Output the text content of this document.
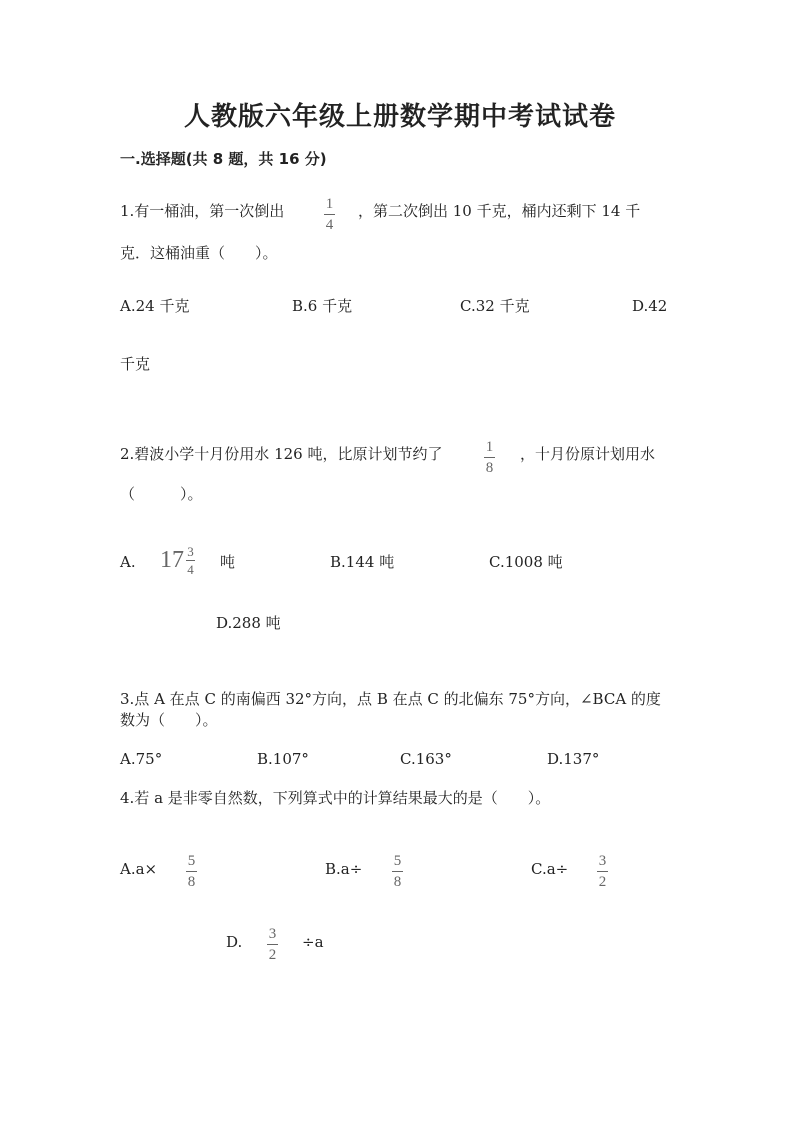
人教版六年级上册数学期中考试试卷
一.选择题(共 8 题，共 16 分)
1.有一桶油，第一次倒出	1
4
，第二次倒出 10 千克，桶内还剩下 14 千
克．这桶油重（　　）。
A.24 千克	B.6 千克	C.32 千克	D.42
千克
2.碧波小学十月份用水 126 吨，比原计划节约了	1
8
，十月份原计划用水
（　　　）。
A. $17 \frac{3}{4}$ 吨	B.144 吨	C.1008 吨
D.288 吨
3.点 A 在点 C 的南偏西 32°方向，点 B 在点 C 的北偏东 75°方向，∠BCA 的度
数为（　　）。
A.75°	B.107°	C.163°	D.137°
4.若 a 是非零自然数，下列算式中的计算结果最大的是（　　）。
A.a× 5
8
B.a÷ 5
8
C.a÷ 3
2
D. 3
2
÷a
